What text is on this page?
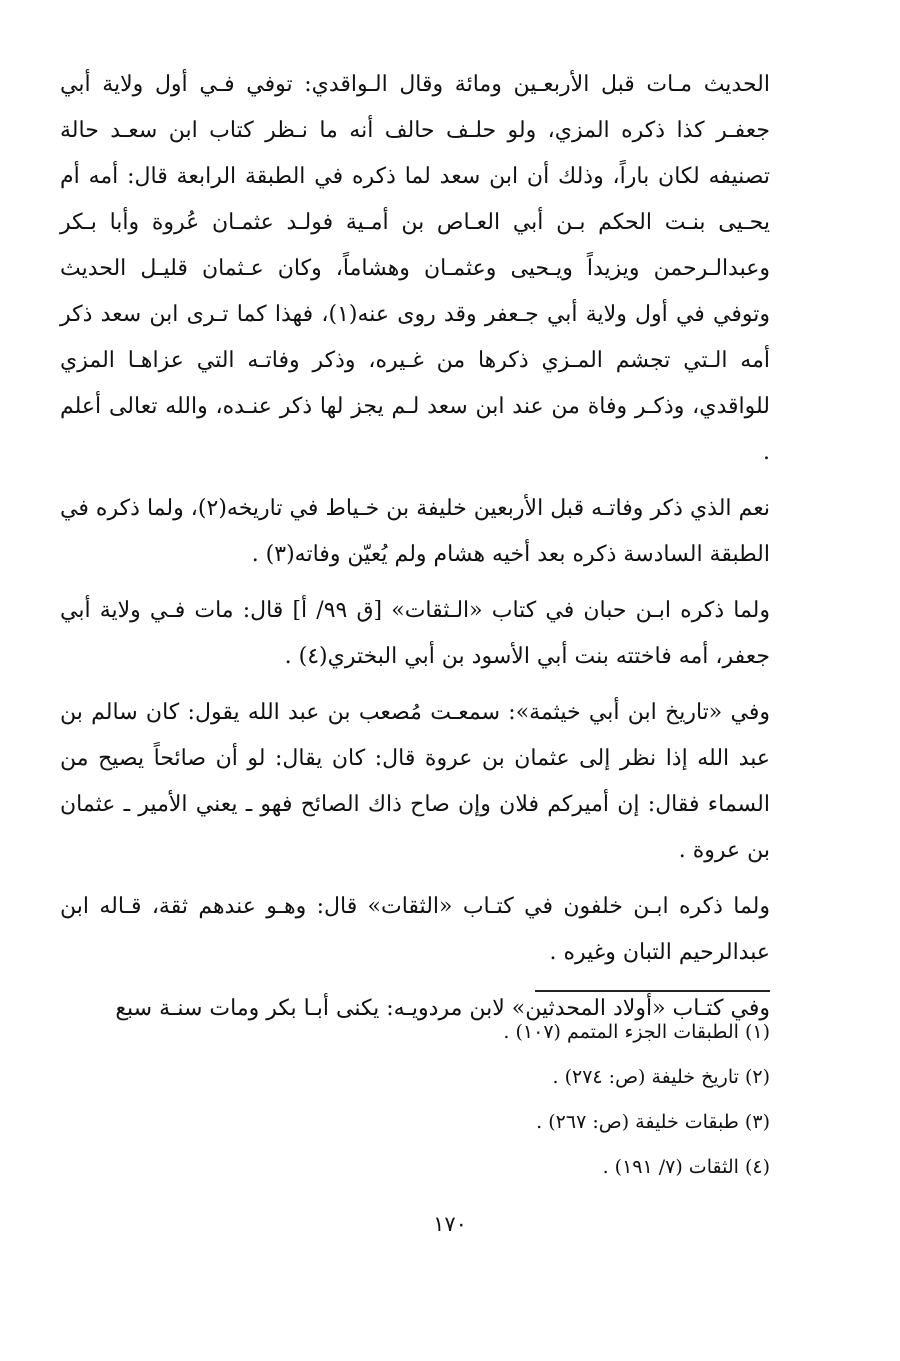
الحديث مـات قبل الأربعـين ومائة وقال الـواقدي: توفي فـي أول ولاية أبي جعفـر كذا ذكره المزي، ولو حلـف حالف أنه ما نـظر كتاب ابن سعـد حالة تصنيفه لكان باراً، وذلك أن ابن سعد لما ذكره في الطبقة الرابعة قال: أمه أم يحـيى بنـت الحكم بـن أبي العـاص بن أمـية فولـد عثمـان عُروة وأبا بـكر وعبدالـرحمن ويزيداً ويـحيى وعثمـان وهشاماً، وكان عـثمان قليـل الحديث وتوفي في أول ولاية أبي جـعفر وقد روى عنه(١)، فهذا كما تـرى ابن سعد ذكر أمه الـتي تجشم المـزي ذكرها من غـيره، وذكر وفاتـه التي عزاهـا المزي للواقدي، وذكـر وفاة من عند ابن سعد لـم يجز لها ذكر عنـده، والله تعالى أعلم .

نعم الذي ذكر وفاتـه قبل الأربعين خليفة بن خـياط في تاريخه(٢)، ولما ذكره في الطبقة السادسة ذكره بعد أخيه هشام ولم يُعيّن وفاته(٣) .

ولما ذكره ابـن حبان في كتاب «الـثقات» [ق ٩٩/ أ] قال: مات فـي ولاية أبي جعفر، أمه فاختته بنت أبي الأسود بن أبي البختري(٤) .

وفي «تاريخ ابن أبي خيثمة»: سمعـت مُصعب بن عبد الله يقول: كان سالم بن عبد الله إذا نظر إلى عثمان بن عروة قال: كان يقال: لو أن صائحاً يصيح من السماء فقال: إن أميركم فلان وإن صاح ذاك الصائح فهو ـ يعني الأمير ـ عثمان بن عروة .

ولما ذكره ابـن خلفون في كتـاب «الثقات» قال: وهـو عندهم ثقة، قـاله ابن عبدالرحيم التبان وغيره .

وفي كتـاب «أولاد المحدثين» لابن مردويـه: يكنى أبـا بكر ومات سنـة سبع

(١) الطبقات الجزء المتمم (١٠٧) .

(٢) تاريخ خليفة (ص: ٢٧٤) .

(٣) طبقات خليفة (ص: ٢٦٧) .

(٤) الثقات (٧/ ١٩١) .

١٧٠
